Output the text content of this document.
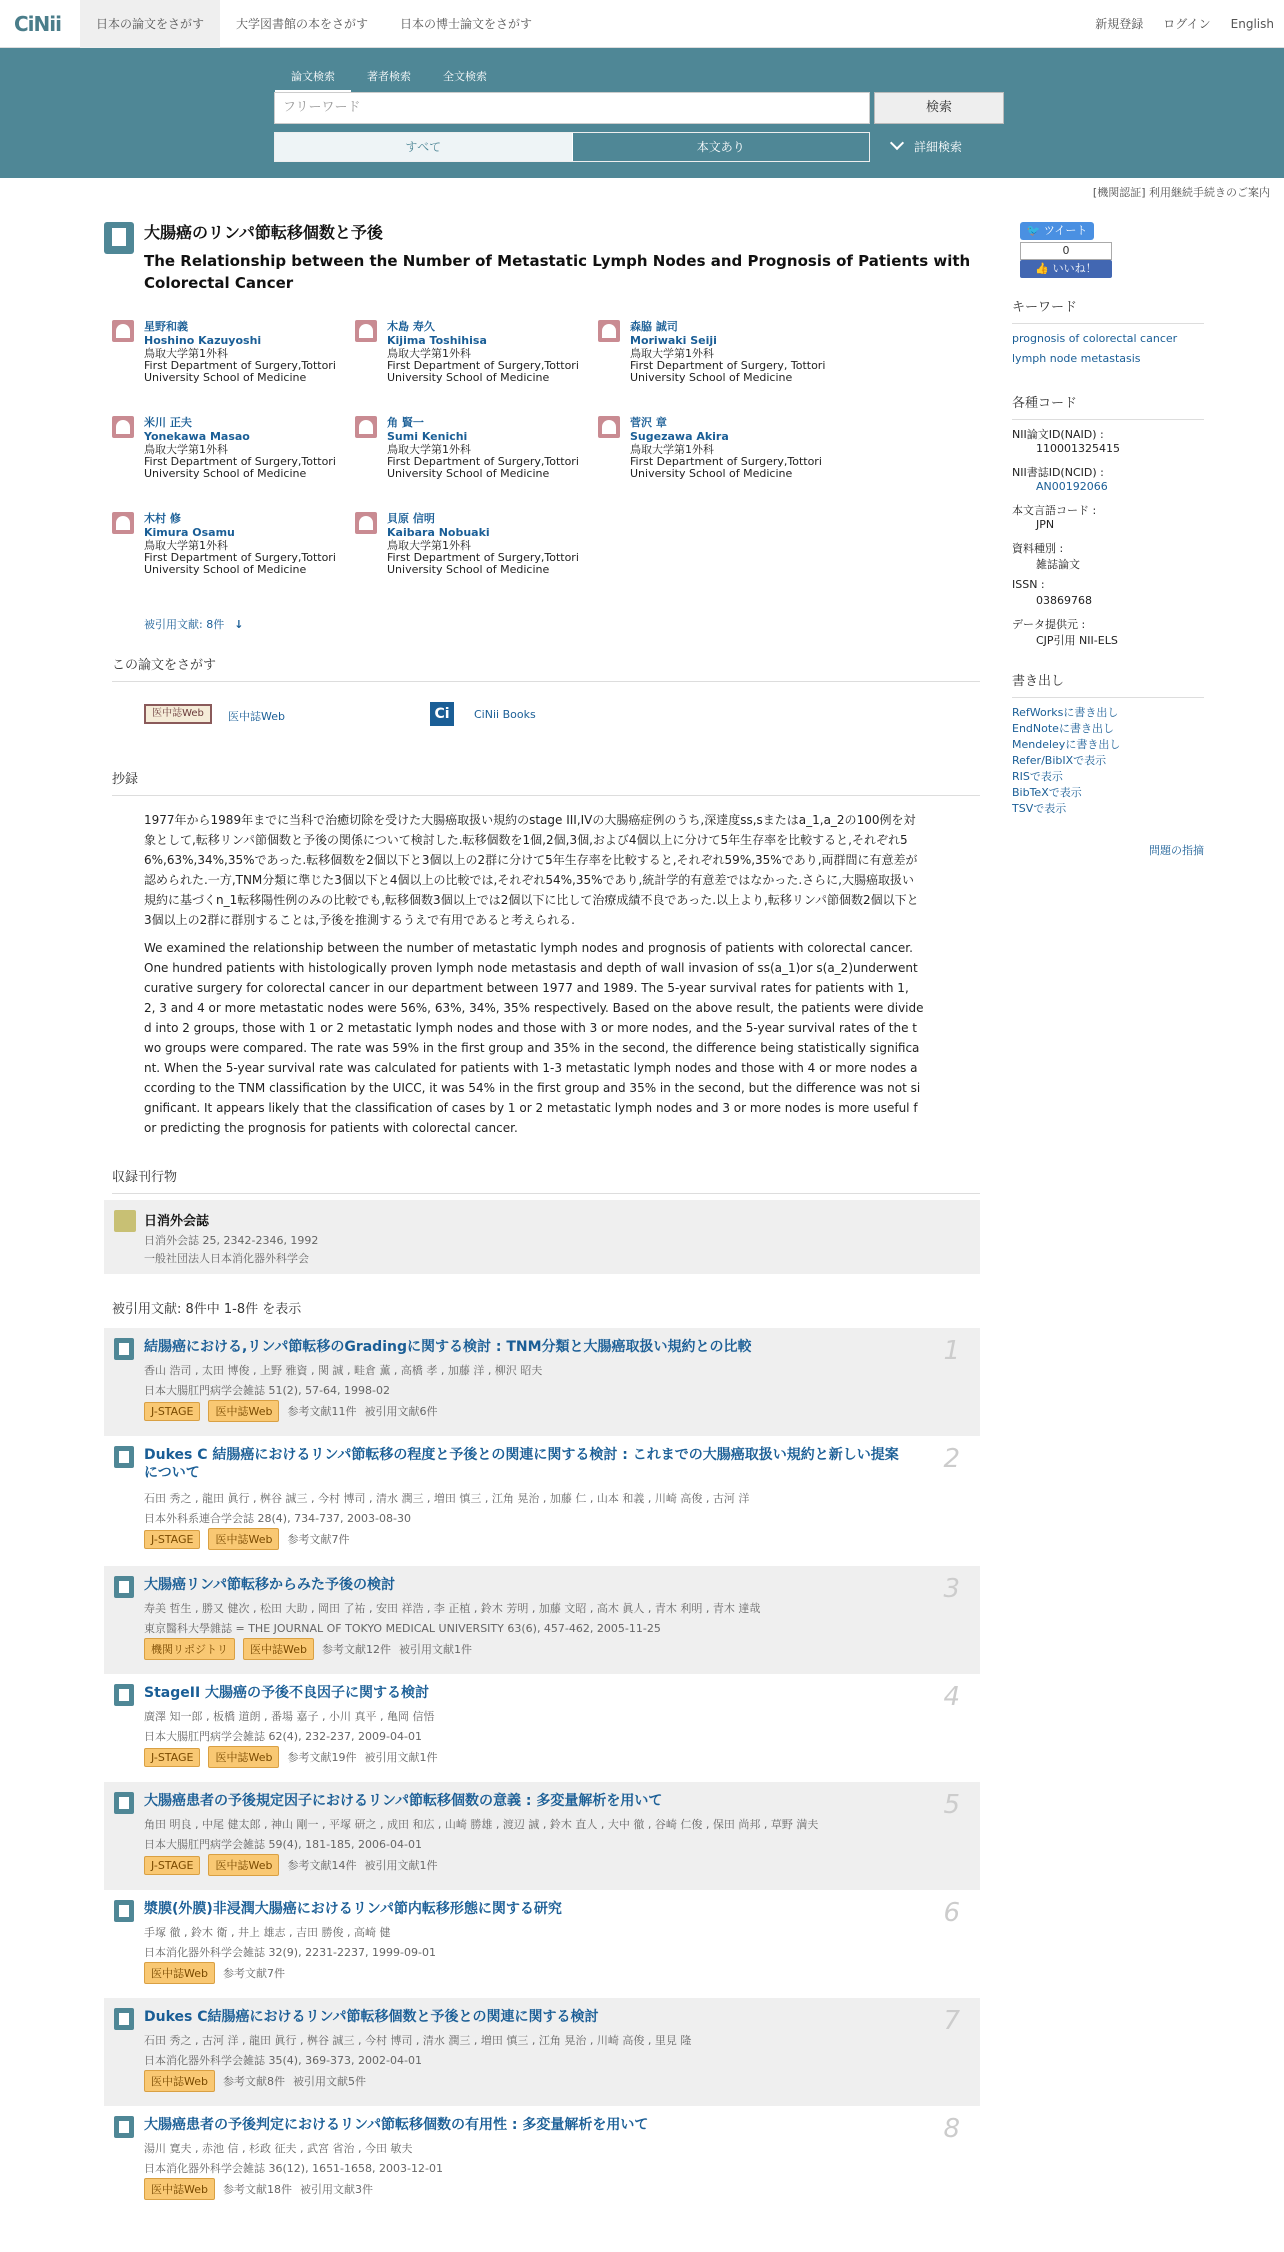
CiNii	日本の論文をさがす	大学図書館の本をさがす	日本の博士論文をさがす	新規登録 ログイン English
論文検索	著者検索	全文検索
フリーワード	検索
すべて	本文あり	詳細検索
[機関認証] 利用継続手続きのご案内
大腸癌のリンパ節転移個数と予後
The Relationship between the Number of Metastatic Lymph Nodes and Prognosis of Patients with Colorectal Cancer
星野和義
Hoshino Kazuyoshi
鳥取大学第1外科
First Department of Surgery,Tottori
University School of Medicine
木島 寿久
Kijima Toshihisa
鳥取大学第1外科
First Department of Surgery,Tottori
University School of Medicine
森脇 誠司
Moriwaki Seiji
鳥取大学第1外科
First Department of Surgery, Tottori
University School of Medicine
米川 正夫
Yonekawa Masao
鳥取大学第1外科
First Department of Surgery,Tottori
University School of Medicine
角 賢一
Sumi Kenichi
鳥取大学第1外科
First Department of Surgery,Tottori
University School of Medicine
菅沢 章
Sugezawa Akira
鳥取大学第1外科
First Department of Surgery,Tottori
University School of Medicine
木村 修
Kimura Osamu
鳥取大学第1外科
First Department of Surgery,Tottori
University School of Medicine
貝原 信明
Kaibara Nobuaki
鳥取大学第1外科
First Department of Surgery,Tottori
University School of Medicine
被引用文献: 8件 ↓
この論文をさがす
医中誌Web	医中誌Web	Ci	CiNii Books
抄録
1977年から1989年までに当科で治癒切除を受けた大腸癌取扱い規約のstage III,IVの大腸癌症例のうち,深達度ss,sまたはa_1,a_2の100例を対象として,転移リンパ節個数と予後の関係について検討した.転移個数を1個,2個,3個,および4個以上に分けて5年生存率を比較すると,それぞれ56%,63%,34%,35%であった.転移個数を2個以下と3個以上の2群に分けて5年生存率を比較すると,それぞれ59%,35%であり,両群間に有意差が認められた.一方,TNM分類に準じた3個以下と4個以上の比較では,それぞれ54%,35%であり,統計学的有意差ではなかった.さらに,大腸癌取扱い規約に基づくn_1転移陽性例のみの比較でも,転移個数3個以上では2個以下に比して治療成績不良であった.以上より,転移リンパ節個数2個以下と3個以上の2群に群別することは,予後を推測するうえで有用であると考えられる.
We examined the relationship between the number of metastatic lymph nodes and prognosis of patients with colorectal cancer. One hundred patients with histologically proven lymph node metastasis and depth of wall invasion of ss(a_1)or s(a_2)underwent curative surgery for colorectal cancer in our department between 1977 and 1989. The 5-year survival rates for patients with 1, 2, 3 and 4 or more metastatic nodes were 56%, 63%, 34%, 35% respectively. Based on the above result, the patients were divided into 2 groups, those with 1 or 2 metastatic lymph nodes and those with 3 or more nodes, and the 5-year survival rates of the two groups were compared. The rate was 59% in the first group and 35% in the second, the difference being statistically significant. When the 5-year survival rate was calculated for patients with 1-3 metastatic lymph nodes and those with 4 or more nodes according to the TNM classification by the UICC, it was 54% in the first group and 35% in the second, but the difference was not significant. It appears likely that the classification of cases by 1 or 2 metastatic lymph nodes and 3 or more nodes is more useful for predicting the prognosis for patients with colorectal cancer.
収録刊行物
日消外会誌
日消外会誌 25, 2342-2346, 1992
一般社団法人日本消化器外科学会
被引用文献: 8件中 1-8件 を表示
結腸癌における,リンパ節転移のGradingに関する検討 : TNM分類と大腸癌取扱い規約との比較	1
香山 浩司 , 太田 博俊 , 上野 雅資 , 関 誠 , 畦倉 薫 , 高橋 孝 , 加藤 洋 , 柳沢 昭夫
日本大腸肛門病学会雑誌 51(2), 57-64, 1998-02
J-STAGE	医中誌Web	参考文献11件 被引用文献6件
Dukes C 結腸癌におけるリンパ節転移の程度と予後との関連に関する検討 : これまでの大腸癌取扱い規約と新しい提案について	2
石田 秀之 , 龍田 眞行 , 桝谷 誠三 , 今村 博司 , 清水 潤三 , 増田 慎三 , 江角 晃治 , 加藤 仁 , 山本 和義 , 川崎 高俊 , 古河 洋
日本外科系連合学会誌 28(4), 734-737, 2003-08-30
J-STAGE	医中誌Web	参考文献7件
大腸癌リンパ節転移からみた予後の検討	3
寿美 哲生 , 勝又 健次 , 松田 大助 , 岡田 了祐 , 安田 祥浩 , 李 正植 , 鈴木 芳明 , 加藤 文昭 , 高木 眞人 , 青木 利明 , 青木 達哉
東京醫科大學雜誌 = THE JOURNAL OF TOKYO MEDICAL UNIVERSITY 63(6), 457-462, 2005-11-25
機関リポジトリ	医中誌Web	参考文献12件 被引用文献1件
StageII 大腸癌の予後不良因子に関する検討	4
廣澤 知一郎 , 板橋 道朗 , 番場 嘉子 , 小川 真平 , 亀岡 信悟
日本大腸肛門病学会雑誌 62(4), 232-237, 2009-04-01
J-STAGE	医中誌Web	参考文献19件 被引用文献1件
大腸癌患者の予後規定因子におけるリンパ節転移個数の意義 : 多変量解析を用いて	5
角田 明良 , 中尾 健太郎 , 神山 剛一 , 平塚 研之 , 成田 和広 , 山崎 勝雄 , 渡辺 誠 , 鈴木 直人 , 大中 徹 , 谷崎 仁俊 , 保田 尚邦 , 草野 満夫
日本大腸肛門病学会雑誌 59(4), 181-185, 2006-04-01
J-STAGE	医中誌Web	参考文献14件 被引用文献1件
漿膜(外膜)非浸潤大腸癌におけるリンパ節内転移形態に関する研究	6
手塚 徹 , 鈴木 衛 , 井上 雄志 , 吉田 勝俊 , 高崎 健
日本消化器外科学会雑誌 32(9), 2231-2237, 1999-09-01
医中誌Web	参考文献7件
Dukes C結腸癌におけるリンパ節転移個数と予後との関連に関する検討	7
石田 秀之 , 古河 洋 , 龍田 眞行 , 桝谷 誠三 , 今村 博司 , 清水 潤三 , 増田 慎三 , 江角 晃治 , 川崎 高俊 , 里見 隆
日本消化器外科学会雑誌 35(4), 369-373, 2002-04-01
医中誌Web	参考文献8件 被引用文献5件
大腸癌患者の予後判定におけるリンパ節転移個数の有用性 : 多変量解析を用いて	8
湯川 寛夫 , 赤池 信 , 杉政 征夫 , 武宮 省治 , 今田 敏夫
日本消化器外科学会雑誌 36(12), 1651-1658, 2003-12-01
医中誌Web	参考文献18件 被引用文献3件
🐦 ツイート
0
👍 いいね！
キーワード
prognosis of colorectal cancer
lymph node metastasis
各種コード
NII論文ID(NAID) :
110001325415
NII書誌ID(NCID) :
AN00192066
本文言語コード :
JPN
資料種別 :
雑誌論文
ISSN :
03869768
データ提供元 :
CJP引用 NII-ELS
書き出し
RefWorksに書き出し
EndNoteに書き出し
Mendeleyに書き出し
Refer/BibIXで表示
RISで表示
BibTeXで表示
TSVで表示
問題の指摘
